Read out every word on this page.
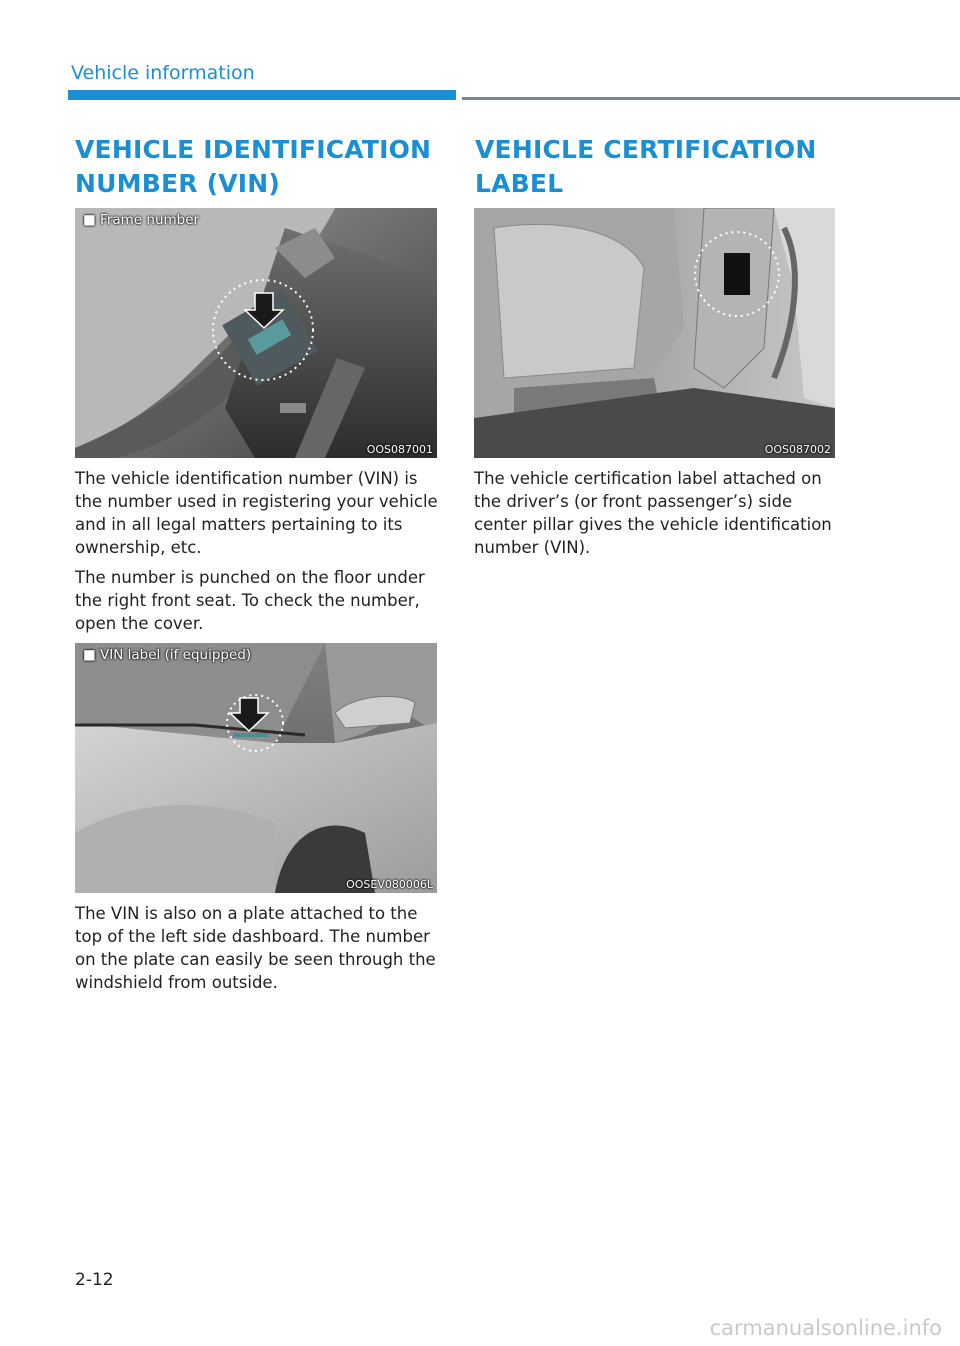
Vehicle information
VEHICLE IDENTIFICATION
NUMBER (VIN)
■ Frame number
OOS087001

The vehicle identification number (VIN) is the number used in registering your vehicle and in all legal matters pertaining to its ownership, etc.

The number is punched on the floor under the right front seat. To check the number, open the cover.

■ VIN label (if equipped)
OOSEV080006L

The VIN is also on a plate attached to the top of the left side dashboard. The number on the plate can easily be seen through the windshield from outside.

VEHICLE CERTIFICATION
LABEL
OOS087002

The vehicle certification label attached on the driver’s (or front passenger’s) side center pillar gives the vehicle identification number (VIN).

2-12
carmanualsonline.info
